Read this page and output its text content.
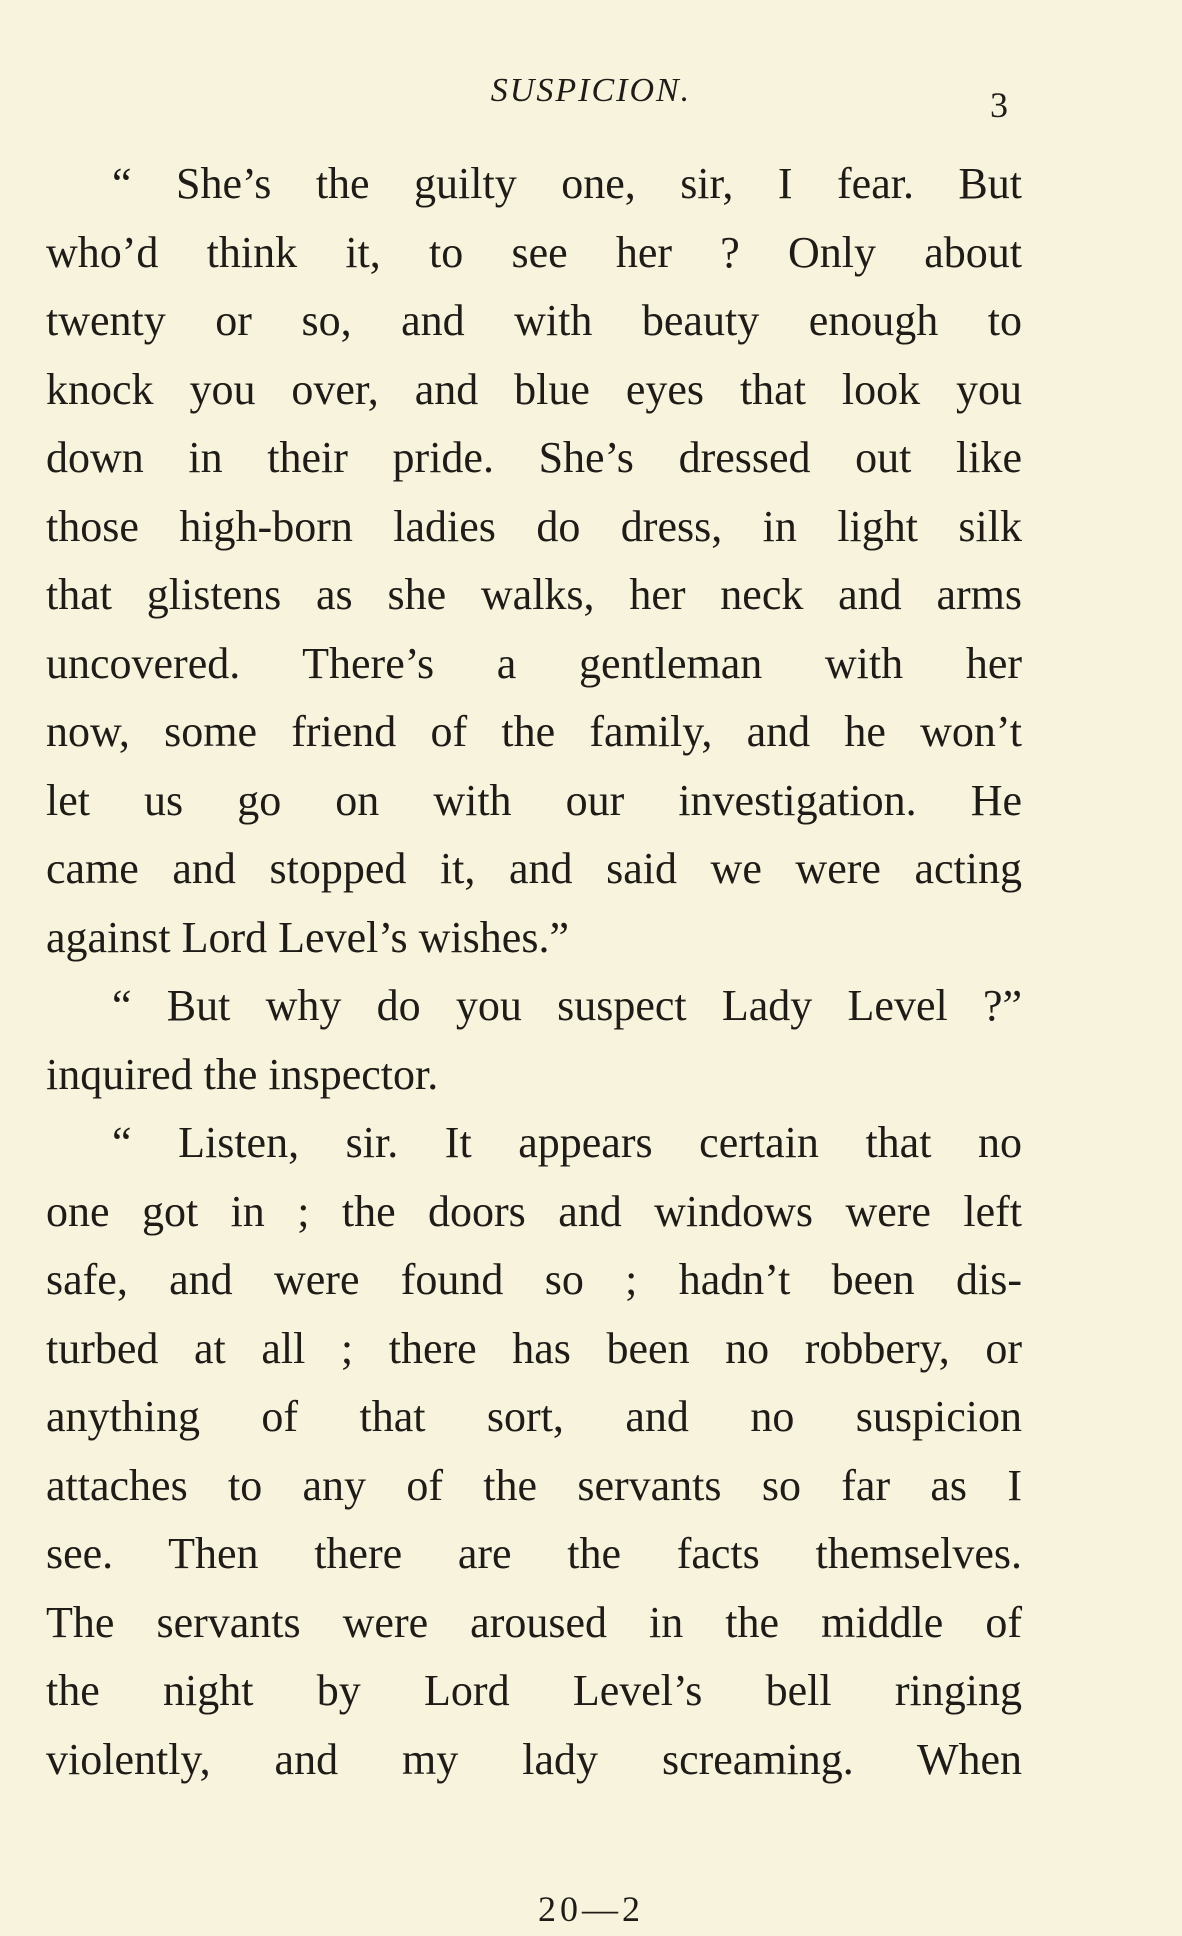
SUSPICION.	3
“ She’s the guilty one, sir, I fear. But
who’d think it, to see her ? Only about
twenty or so, and with beauty enough to
knock you over, and blue eyes that look you
down in their pride. She’s dressed out like
those high-born ladies do dress, in light silk
that glistens as she walks, her neck and arms
uncovered. There’s a gentleman with her
now, some friend of the family, and he won’t
let us go on with our investigation. He
came and stopped it, and said we were acting
against Lord Level’s wishes.”
“ But why do you suspect Lady Level ?”
inquired the inspector.
“ Listen, sir. It appears certain that no
one got in ; the doors and windows were left
safe, and were found so ; hadn’t been dis-
turbed at all ; there has been no robbery, or
anything of that sort, and no suspicion
attaches to any of the servants so far as I
see. Then there are the facts themselves.
The servants were aroused in the middle of
the night by Lord Level’s bell ringing
violently, and my lady screaming. When
20—2
